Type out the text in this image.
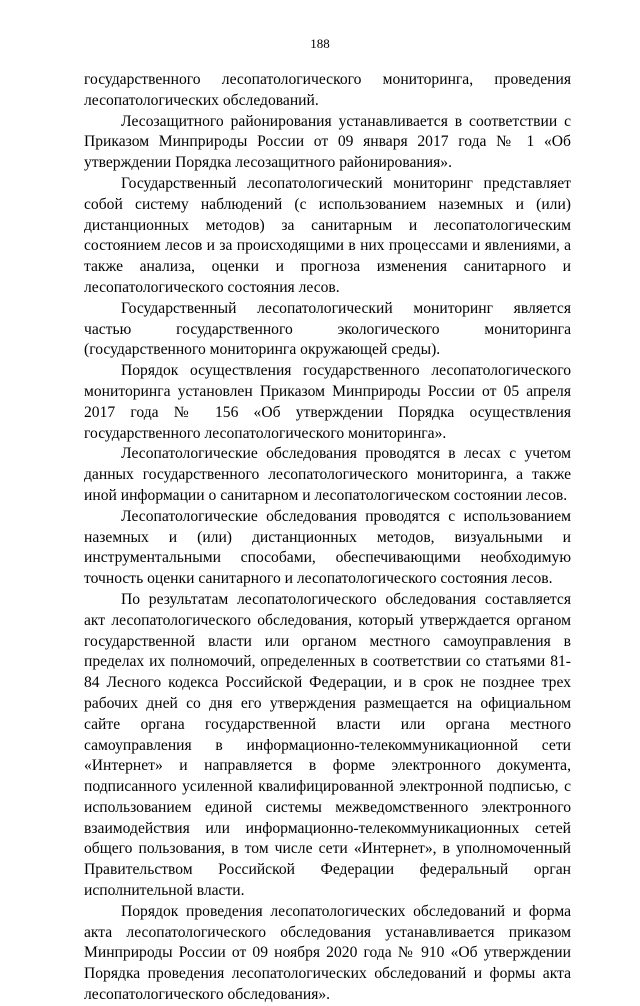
188

государственного лесопатологического мониторинга, проведения лесопатологических обследований.

Лесозащитного районирования устанавливается в соответствии с Приказом Минприроды России от 09 января 2017 года № 1 «Об утверждении Порядка лесозащитного районирования».

Государственный лесопатологический мониторинг представляет собой систему наблюдений (с использованием наземных и (или) дистанционных методов) за санитарным и лесопатологическим состоянием лесов и за происходящими в них процессами и явлениями, а также анализа, оценки и прогноза изменения санитарного и лесопатологического состояния лесов.

Государственный лесопатологический мониторинг является частью государственного экологического мониторинга (государственного мониторинга окружающей среды).

Порядок осуществления государственного лесопатологического мониторинга установлен Приказом Минприроды России от 05 апреля 2017 года № 156 «Об утверждении Порядка осуществления государственного лесопатологического мониторинга».

Лесопатологические обследования проводятся в лесах с учетом данных государственного лесопатологического мониторинга, а также иной информации о санитарном и лесопатологическом состоянии лесов.

Лесопатологические обследования проводятся с использованием наземных и (или) дистанционных методов, визуальными и инструментальными способами, обеспечивающими необходимую точность оценки санитарного и лесопатологического состояния лесов.

По результатам лесопатологического обследования составляется акт лесопатологического обследования, который утверждается органом государственной власти или органом местного самоуправления в пределах их полномочий, определенных в соответствии со статьями 81-84 Лесного кодекса Российской Федерации, и в срок не позднее трех рабочих дней со дня его утверждения размещается на официальном сайте органа государственной власти или органа местного самоуправления в информационно-телекоммуникационной сети «Интернет» и направляется в форме электронного документа, подписанного усиленной квалифицированной электронной подписью, с использованием единой системы межведомственного электронного взаимодействия или информационно-телекоммуникационных сетей общего пользования, в том числе сети «Интернет», в уполномоченный Правительством Российской Федерации федеральный орган исполнительной власти.

Порядок проведения лесопатологических обследований и форма акта лесопатологического обследования устанавливается приказом Минприроды России от 09 ноября 2020 года № 910 «Об утверждении Порядка проведения лесопатологических обследований и формы акта лесопатологического обследования».
